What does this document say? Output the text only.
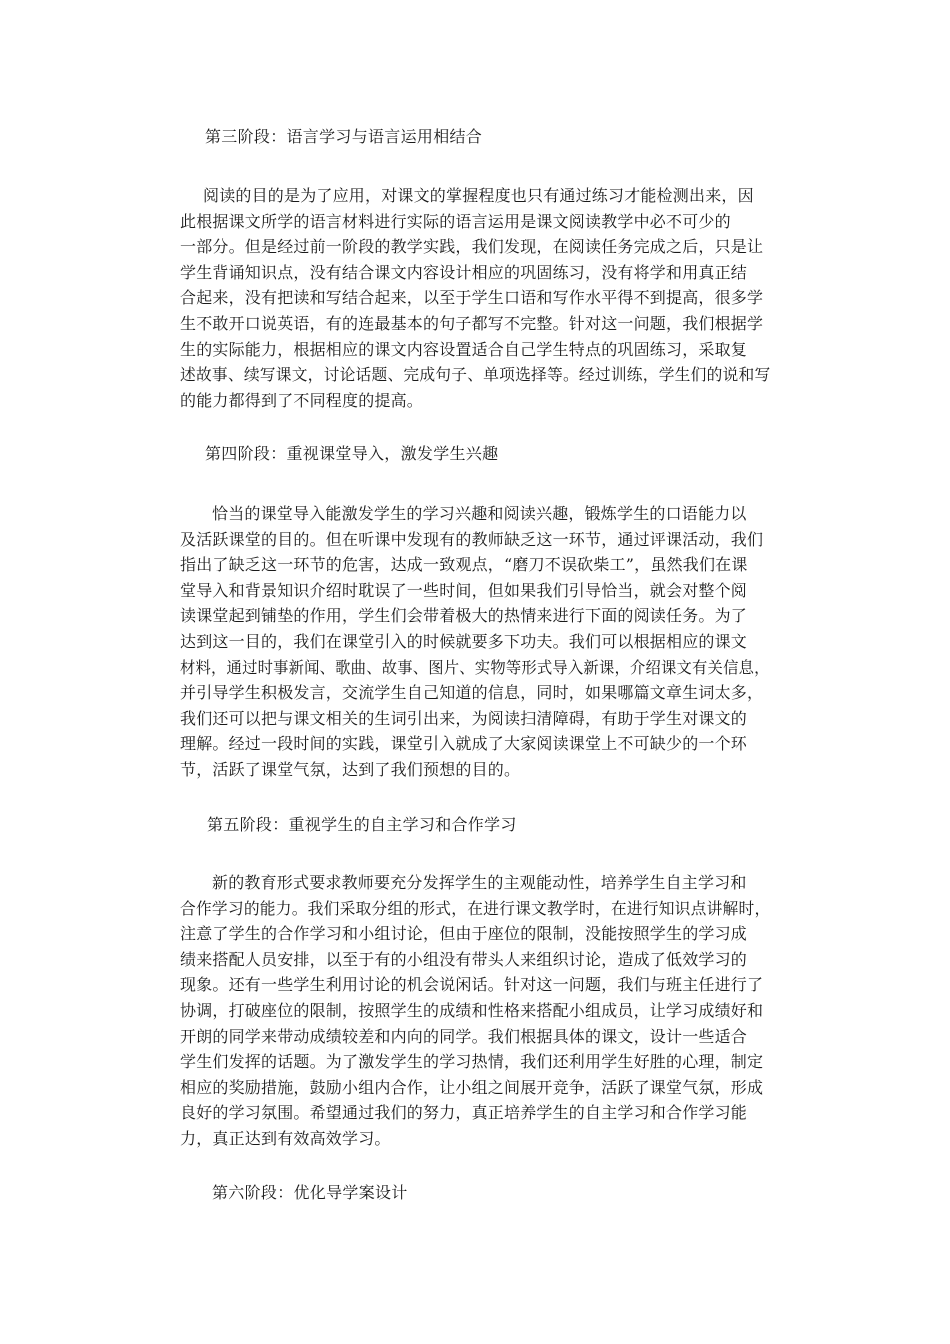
第三阶段：语言学习与语言运用相结合
阅读的目的是为了应用，对课文的掌握程度也只有通过练习才能检测出来，因
此根据课文所学的语言材料进行实际的语言运用是课文阅读教学中必不可少的
一部分。但是经过前一阶段的教学实践，我们发现，在阅读任务完成之后，只是让
学生背诵知识点，没有结合课文内容设计相应的巩固练习，没有将学和用真正结
合起来，没有把读和写结合起来，以至于学生口语和写作水平得不到提高，很多学
生不敢开口说英语，有的连最基本的句子都写不完整。针对这一问题，我们根据学
生的实际能力，根据相应的课文内容设置适合自己学生特点的巩固练习，采取复
述故事、续写课文，讨论话题、完成句子、单项选择等。经过训练，学生们的说和写
的能力都得到了不同程度的提高。
第四阶段：重视课堂导入，激发学生兴趣
恰当的课堂导入能激发学生的学习兴趣和阅读兴趣，锻炼学生的口语能力以
及活跃课堂的目的。但在听课中发现有的教师缺乏这一环节，通过评课活动，我们
指出了缺乏这一环节的危害，达成一致观点，“磨刀不误砍柴工”，虽然我们在课
堂导入和背景知识介绍时耽误了一些时间，但如果我们引导恰当，就会对整个阅
读课堂起到铺垫的作用，学生们会带着极大的热情来进行下面的阅读任务。为了
达到这一目的，我们在课堂引入的时候就要多下功夫。我们可以根据相应的课文
材料，通过时事新闻、歌曲、故事、图片、实物等形式导入新课，介绍课文有关信息，
并引导学生积极发言，交流学生自己知道的信息，同时，如果哪篇文章生词太多，
我们还可以把与课文相关的生词引出来，为阅读扫清障碍，有助于学生对课文的
理解。经过一段时间的实践，课堂引入就成了大家阅读课堂上不可缺少的一个环
节，活跃了课堂气氛，达到了我们预想的目的。
第五阶段：重视学生的自主学习和合作学习
新的教育形式要求教师要充分发挥学生的主观能动性，培养学生自主学习和
合作学习的能力。我们采取分组的形式，在进行课文教学时，在进行知识点讲解时，
注意了学生的合作学习和小组讨论，但由于座位的限制，没能按照学生的学习成
绩来搭配人员安排，以至于有的小组没有带头人来组织讨论，造成了低效学习的
现象。还有一些学生利用讨论的机会说闲话。针对这一问题，我们与班主任进行了
协调，打破座位的限制，按照学生的成绩和性格来搭配小组成员，让学习成绩好和
开朗的同学来带动成绩较差和内向的同学。我们根据具体的课文，设计一些适合
学生们发挥的话题。为了激发学生的学习热情，我们还利用学生好胜的心理，制定
相应的奖励措施，鼓励小组内合作，让小组之间展开竞争，活跃了课堂气氛，形成
良好的学习氛围。希望通过我们的努力，真正培养学生的自主学习和合作学习能
力，真正达到有效高效学习。
第六阶段：优化导学案设计
